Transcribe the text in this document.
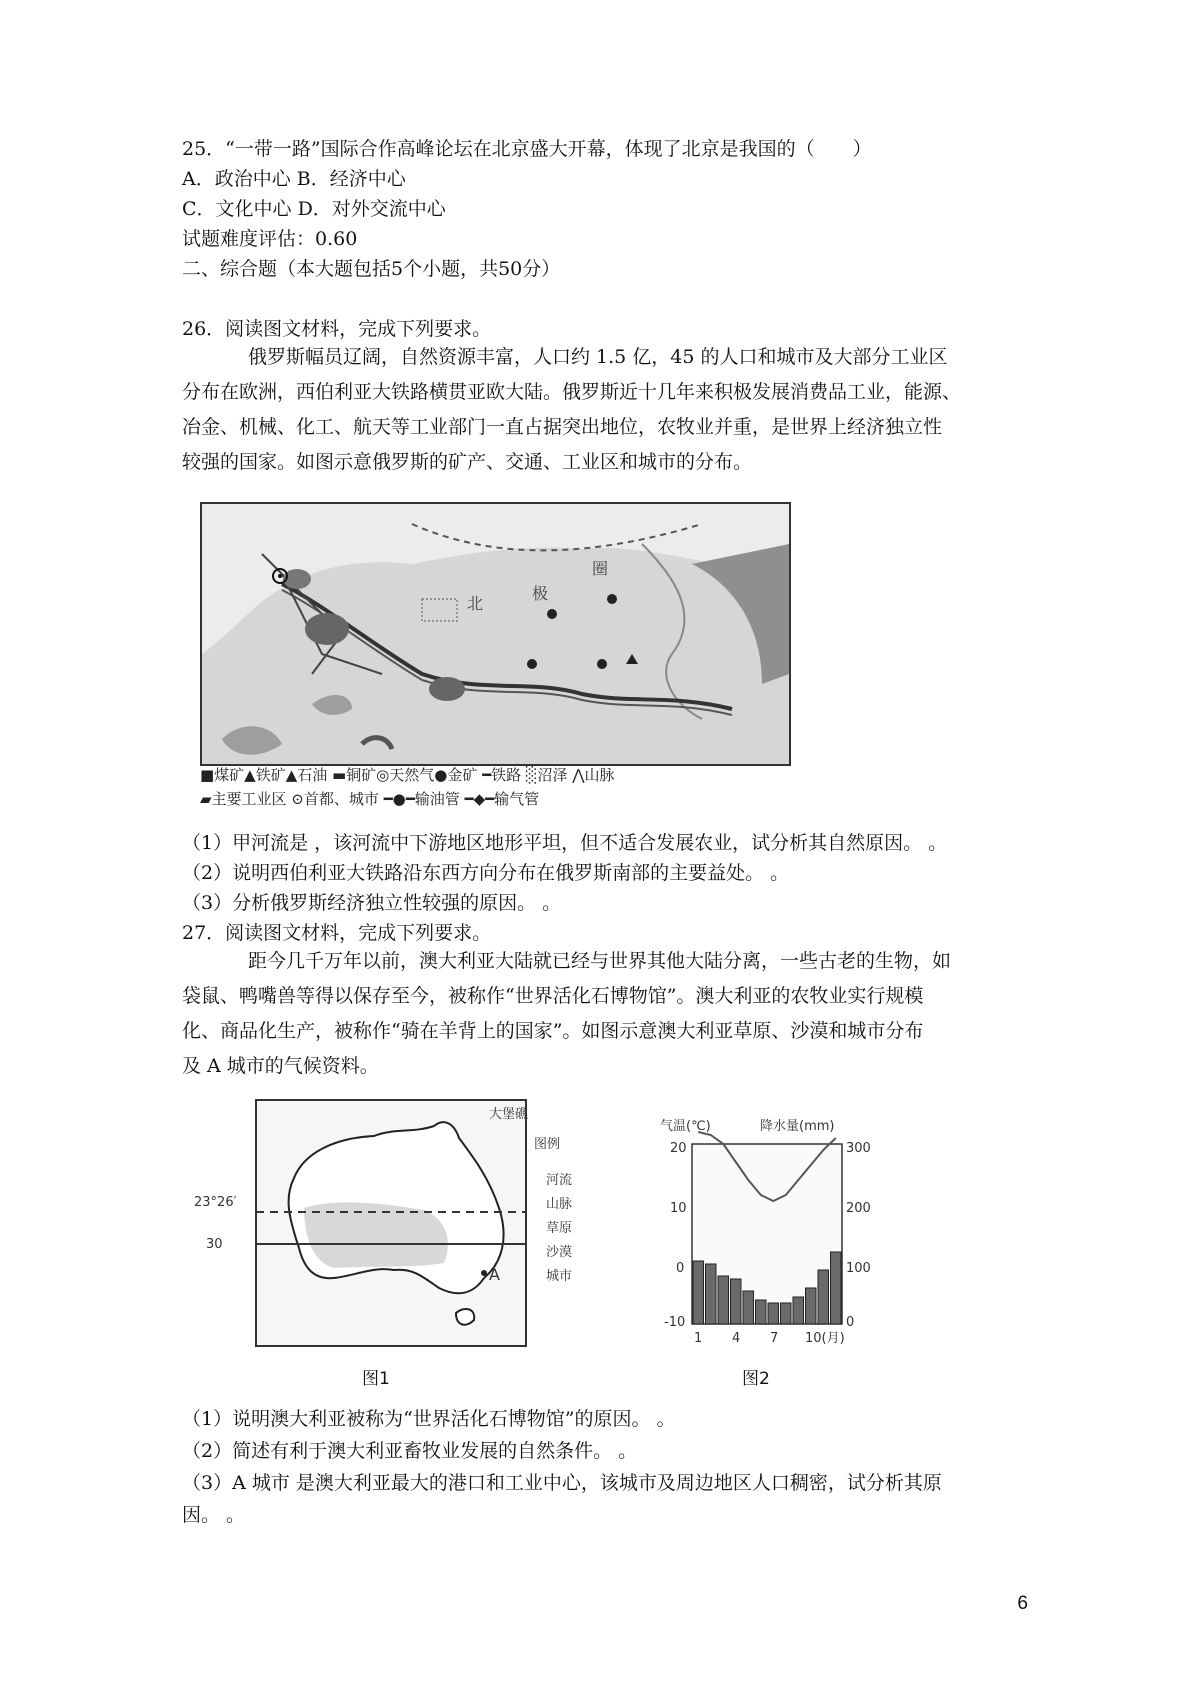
25．“一带一路”国际合作高峰论坛在北京盛大开幕，体现了北京是我国的（　　）
A．政治中心 B．经济中心
C．文化中心 D．对外交流中心
试题难度评估：0.60
二、综合题（本大题包括5个小题，共50分）
26．阅读图文材料，完成下列要求。
俄罗斯幅员辽阔，自然资源丰富，人口约 1.5 亿，45 的人口和城市及大部分工业区
分布在欧洲，西伯利亚大铁路横贯亚欧大陆。俄罗斯近十几年来积极发展消费品工业，能源、
冶金、机械、化工、航天等工业部门一直占据突出地位，农牧业并重，是世界上经济独立性
较强的国家。如图示意俄罗斯的矿产、交通、工业区和城市的分布。
北
极
圈
■煤矿▲铁矿▲石油 ▬铜矿◎天然气●金矿 ━铁路 ░沼泽 ⋀山脉
▰主要工业区 ⊙首都、城市 ━●━输油管 ━◆━输气管
（1）甲河流是 ，该河流中下游地区地形平坦，但不适合发展农业，试分析其自然原因。 。
（2）说明西伯利亚大铁路沿东西方向分布在俄罗斯南部的主要益处。 。
（3）分析俄罗斯经济独立性较强的原因。 。
27．阅读图文材料，完成下列要求。
距今几千万年以前，澳大利亚大陆就已经与世界其他大陆分离，一些古老的生物，如
袋鼠、鸭嘴兽等得以保存至今，被称作“世界活化石博物馆”。澳大利亚的农牧业实行规模
化、商品化生产，被称作“骑在羊背上的国家”。如图示意澳大利亚草原、沙漠和城市分布
及 A 城市的气候资料。
23°26′
30
大堡礁
A
图例
河流
山脉
草原
沙漠
城市
图1
气温(℃)	降水量(mm)
20
10
0
-10
300
200
100
0
1 4 7 10(月)
图2
（1）说明澳大利亚被称为“世界活化石博物馆”的原因。 。
（2）简述有利于澳大利亚畜牧业发展的自然条件。 。
（3）A 城市 是澳大利亚最大的港口和工业中心，该城市及周边地区人口稠密，试分析其原
因。 。
6
